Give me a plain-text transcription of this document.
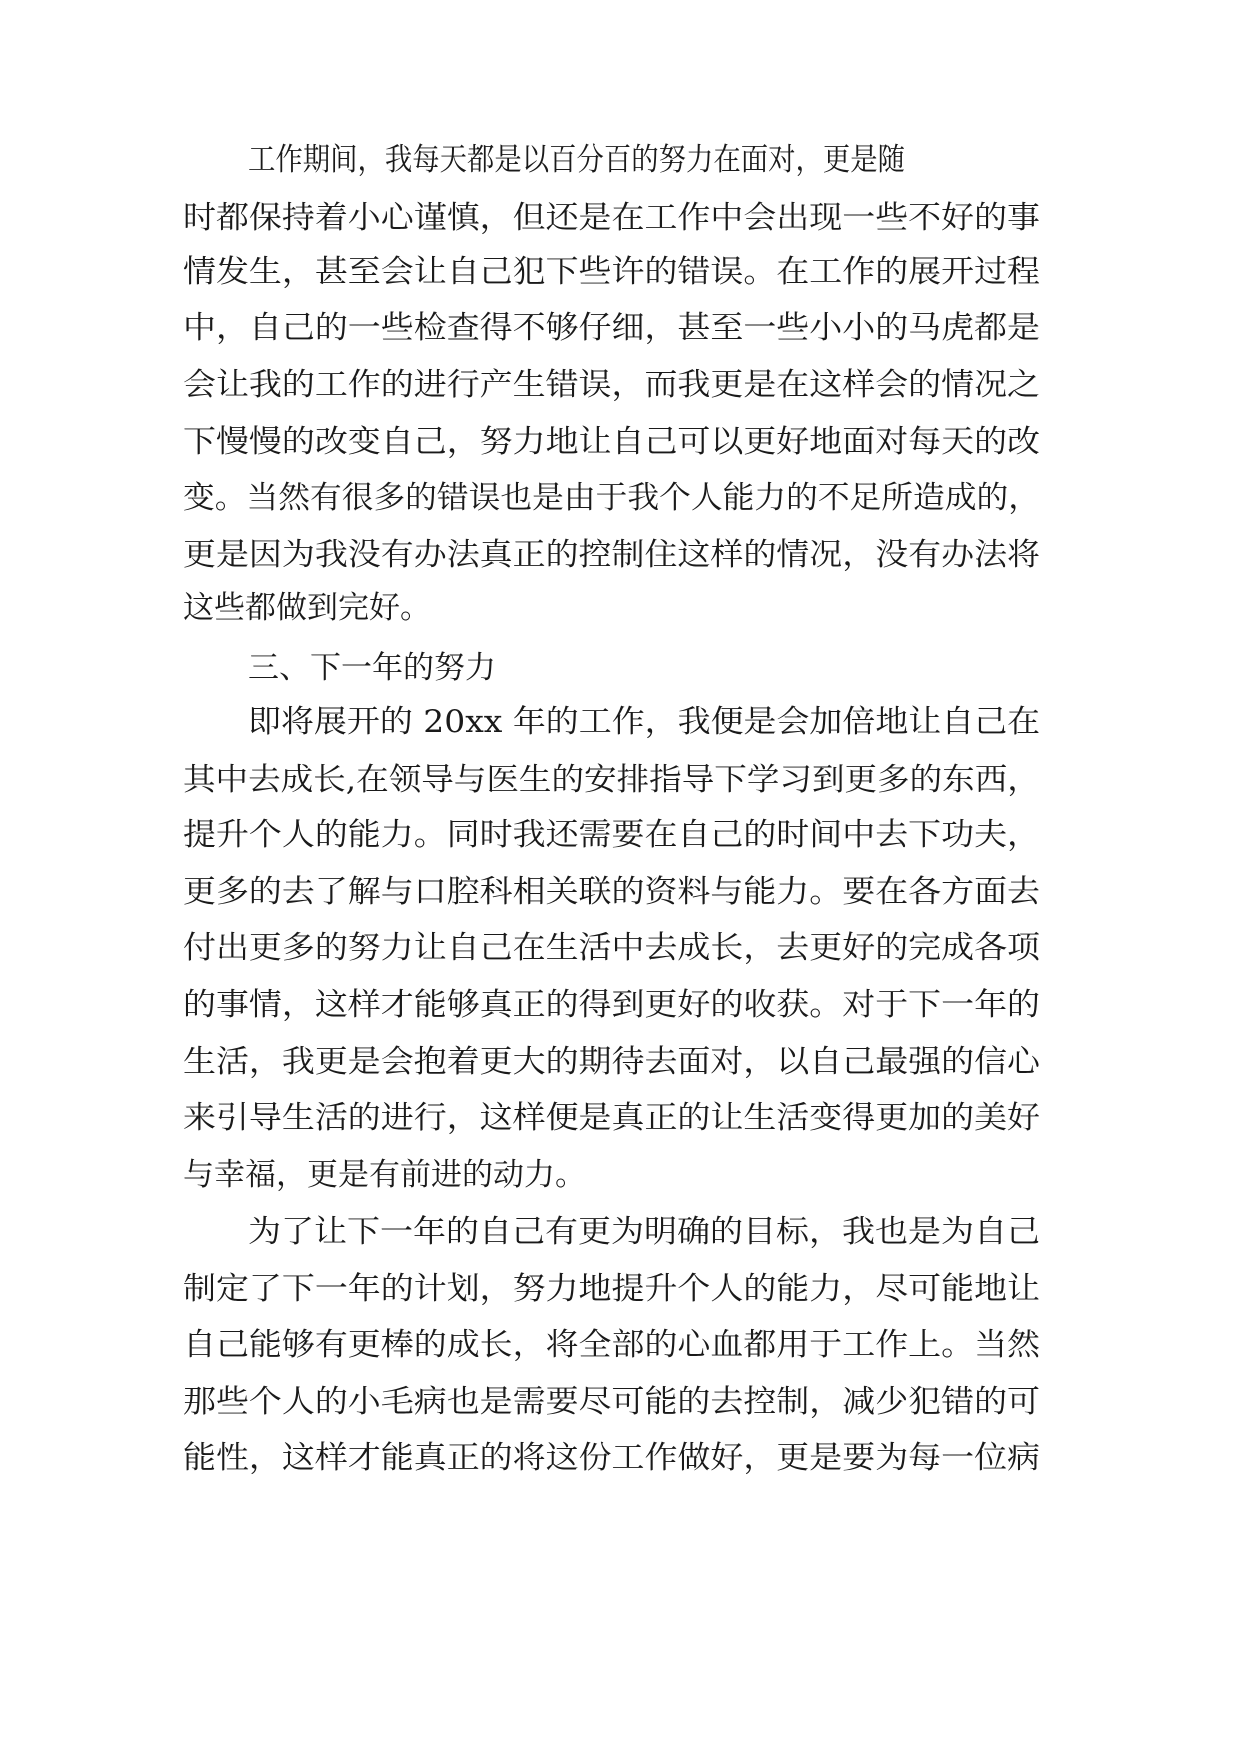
工作期间，我每天都是以百分百的努力在面对，更是随
时都保持着小心谨慎，但还是在工作中会出现一些不好的事
情发生，甚至会让自己犯下些许的错误。在工作的展开过程
中，自己的一些检查得不够仔细，甚至一些小小的马虎都是
会让我的工作的进行产生错误，而我更是在这样会的情况之
下慢慢的改变自己，努力地让自己可以更好地面对每天的改
变。当然有很多的错误也是由于我个人能力的不足所造成的，
更是因为我没有办法真正的控制住这样的情况，没有办法将
这些都做到完好。
三、下一年的努力
即将展开的 20xx 年的工作，我便是会加倍地让自己在
其中去成长,在领导与医生的安排指导下学习到更多的东西，
提升个人的能力。同时我还需要在自己的时间中去下功夫，
更多的去了解与口腔科相关联的资料与能力。要在各方面去
付出更多的努力让自己在生活中去成长，去更好的完成各项
的事情，这样才能够真正的得到更好的收获。对于下一年的
生活，我更是会抱着更大的期待去面对，以自己最强的信心
来引导生活的进行，这样便是真正的让生活变得更加的美好
与幸福，更是有前进的动力。
为了让下一年的自己有更为明确的目标，我也是为自己
制定了下一年的计划，努力地提升个人的能力，尽可能地让
自己能够有更棒的成长，将全部的心血都用于工作上。当然
那些个人的小毛病也是需要尽可能的去控制，减少犯错的可
能性，这样才能真正的将这份工作做好，更是要为每一位病
